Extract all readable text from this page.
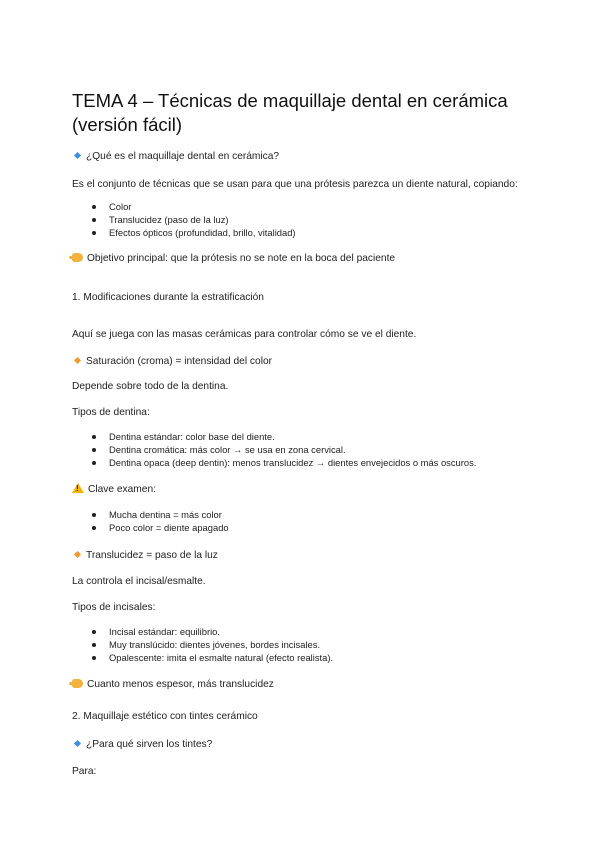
TEMA 4 – Técnicas de maquillaje dental en cerámica (versión fácil)
¿Qué es el maquillaje dental en cerámica?
Es el conjunto de técnicas que se usan para que una prótesis parezca un diente natural, copiando:
Color
Translucidez (paso de la luz)
Efectos ópticos (profundidad, brillo, vitalidad)
Objetivo principal: que la prótesis no se note en la boca del paciente
1. Modificaciones durante la estratificación
Aquí se juega con las masas cerámicas para controlar cómo se ve el diente.
Saturación (croma) = intensidad del color
Depende sobre todo de la dentina.
Tipos de dentina:
Dentina estándar: color base del diente.
Dentina cromática: más color → se usa en zona cervical.
Dentina opaca (deep dentin): menos translucidez → dientes envejecidos o más oscuros.
!Clave examen:
Mucha dentina = más color
Poco color = diente apagado
Translucidez = paso de la luz
La controla el incisal/esmalte.
Tipos de incisales:
Incisal estándar: equilibrio.
Muy translúcido: dientes jóvenes, bordes incisales.
Opalescente: imita el esmalte natural (efecto realista).
Cuanto menos espesor, más translucidez
2. Maquillaje estético con tintes cerámico
¿Para qué sirven los tintes?
Para:
